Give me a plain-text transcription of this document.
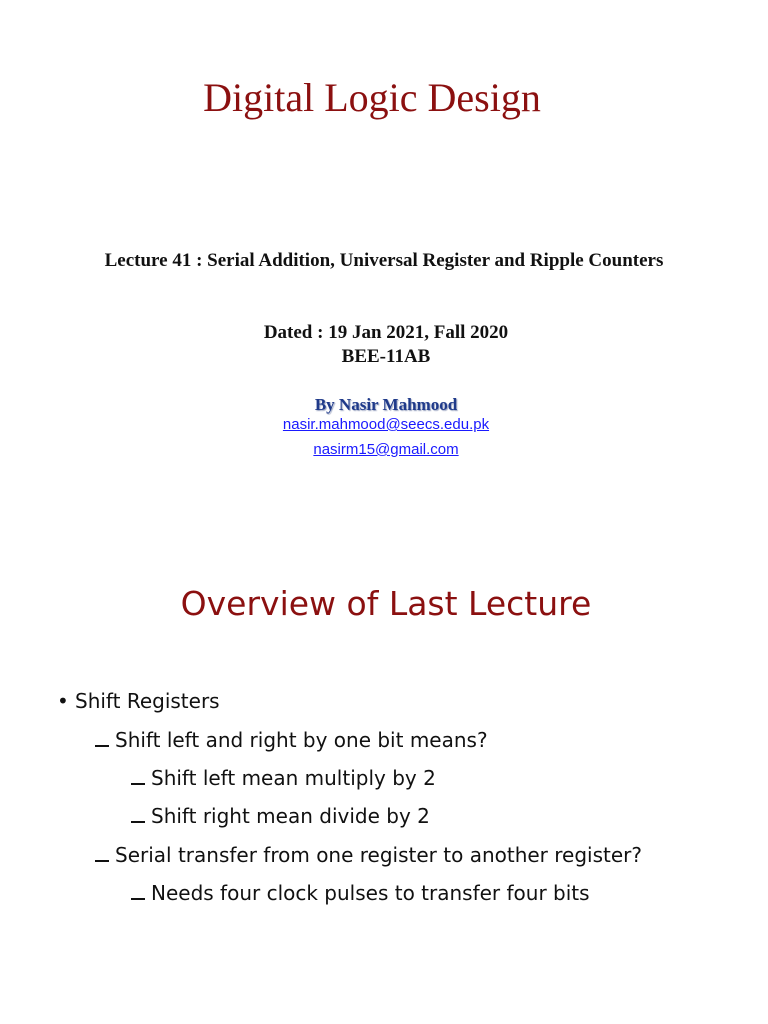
Digital Logic Design
Lecture 41 : Serial Addition, Universal Register and Ripple Counters
Dated : 19 Jan 2021, Fall 2020
BEE-11AB
By Nasir Mahmood
nasir.mahmood@seecs.edu.pk
nasirm15@gmail.com
Overview of Last Lecture
• Shift Registers
Shift left and right by one bit means?
Shift left mean multiply by 2
Shift right mean divide by 2
Serial transfer from one register to another register?
Needs four clock pulses to transfer four bits
